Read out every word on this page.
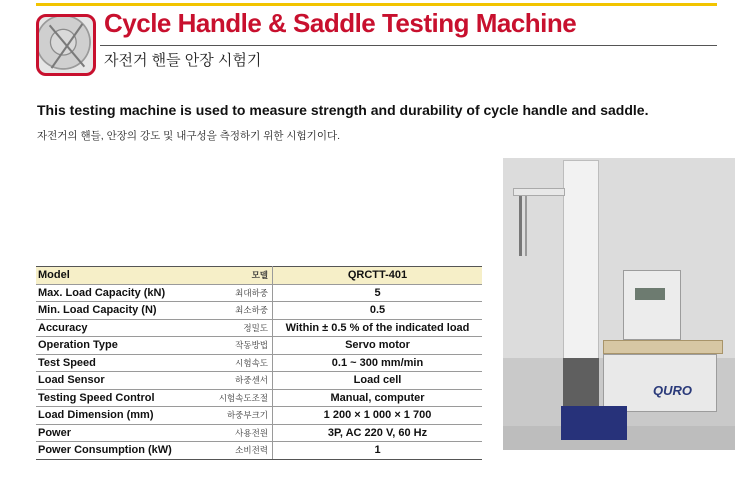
Cycle Handle & Saddle Testing Machine
자전거 핸들 안장 시험기
This testing machine is used to measure strength and durability of cycle handle and saddle.
자전거의 핸들, 안장의 강도 및 내구성을 측정하기 위한 시험기이다.
Model	모델	QRCTT-401
Max. Load Capacity (kN)	최대하중	5
Min. Load Capacity (N)	최소하중	0.5
Accuracy	정밀도	Within ± 0.5 % of the indicated load
Operation Type	작동방법	Servo motor
Test Speed	시험속도	0.1 ~ 300 mm/min
Load Sensor	하중센서	Load cell
Testing Speed Control	시험속도조절	Manual, computer
Load Dimension (mm)	하중부크기	1 200 × 1 000 × 1 700
Power	사용전원	3P, AC 220 V, 60 Hz
Power Consumption (kW)	소비전력	1
QURO
